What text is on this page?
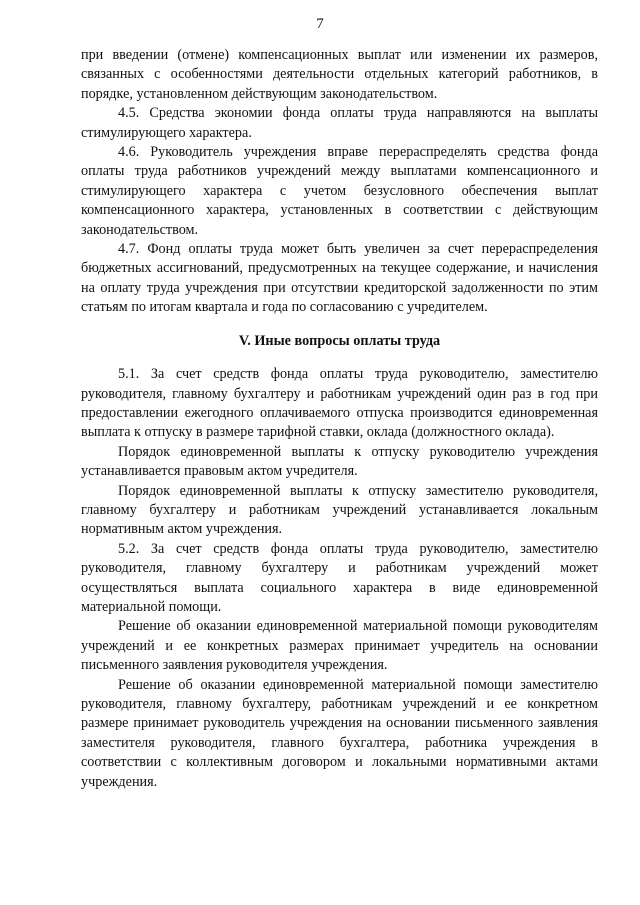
7

при введении (отмене) компенсационных выплат или изменении их размеров, связанных с особенностями деятельности отдельных категорий работников, в порядке, установленном действующим законодательством.

4.5. Средства экономии фонда оплаты труда направляются на выплаты стимулирующего характера.

4.6. Руководитель учреждения вправе перераспределять средства фонда оплаты труда работников учреждений между выплатами компенсационного и стимулирующего характера с учетом безусловного обеспечения выплат компенсационного характера, установленных в соответствии с действующим законодательством.

4.7. Фонд оплаты труда может быть увеличен за счет перераспределения бюджетных ассигнований, предусмотренных на текущее содержание, и начисления на оплату труда учреждения при отсутствии кредиторской задолженности по этим статьям по итогам квартала и года по согласованию с учредителем.

V. Иные вопросы оплаты труда

5.1. За счет средств фонда оплаты труда руководителю, заместителю руководителя, главному бухгалтеру и работникам учреждений один раз в год при предоставлении ежегодного оплачиваемого отпуска производится единовременная выплата к отпуску в размере тарифной ставки, оклада (должностного оклада).

Порядок единовременной выплаты к отпуску руководителю учреждения устанавливается правовым актом учредителя.

Порядок единовременной выплаты к отпуску заместителю руководителя, главному бухгалтеру и работникам учреждений устанавливается локальным нормативным актом учреждения.

5.2. За счет средств фонда оплаты труда руководителю, заместителю руководителя, главному бухгалтеру и работникам учреждений может осуществляться выплата социального характера в виде единовременной материальной помощи.

Решение об оказании единовременной материальной помощи руководителям учреждений и ее конкретных размерах принимает учредитель на основании письменного заявления руководителя учреждения.

Решение об оказании единовременной материальной помощи заместителю руководителя, главному бухгалтеру, работникам учреждений и ее конкретном размере принимает руководитель учреждения на основании письменного заявления заместителя руководителя, главного бухгалтера, работника учреждения в соответствии с коллективным договором и локальными нормативными актами учреждения.
